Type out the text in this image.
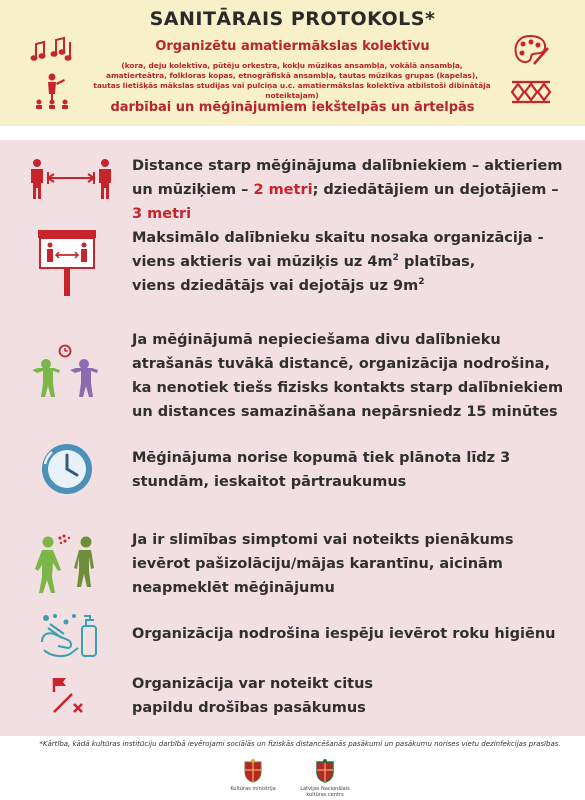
SANITĀRAIS PROTOKOLS*
Organizētu amatiermākslas kolektīvu
(kora, deju kolektīva, pūtēju orkestra, kokļu mūzikas ansambļa, vokālā ansambļa, amatierteātra, folkloras kopas, etnogrāfiskā ansambļa, tautas mūzikas grupas (kapelas), tautas lietišķās mākslas studijas vai pulciņa u.c. amatiermākslas kolektīva atbilstoši dibinātāja noteiktajam)
darbībai un mēģinājumiem iekštelpās un ārtelpās
Distance starp mēģinājuma dalībniekiem – aktieriem un mūziķiem – 2 metri; dziedātājiem un dejotājiem – 3 metri
Maksimālo dalībnieku skaitu nosaka organizācija -
viens aktieris vai mūziķis uz $4m^2$ platības,
viens dziedātājs vai dejotājs uz $9m^2$
Ja mēģinājumā nepieciešama divu dalībnieku atrašanās tuvākā distancē, organizācija nodrošina, ka nenotiek tiešs fizisks kontakts starp dalībniekiem un distances samazināšana nepārsniedz 15 minūtes
Mēģinājuma norise kopumā tiek plānota līdz 3 stundām, ieskaitot pārtraukumus
Ja ir slimības simptomi vai noteikts pienākums ievērot pašizolāciju/mājas karantīnu, aicinām neapmeklēt mēģinājumu
Organizācija nodrošina iespēju ievērot roku higiēnu
Organizācija var noteikt citus papildu drošības pasākumus
*Kārtība, kādā kultūras institūciju darbībā ievērojami sociālās un fiziskās distancēšanās pasākumi un pasākumu norises vietu dezinfekcijas prasības.
Kultūras ministrija	Latvijas Nacionālais kultūras centrs
